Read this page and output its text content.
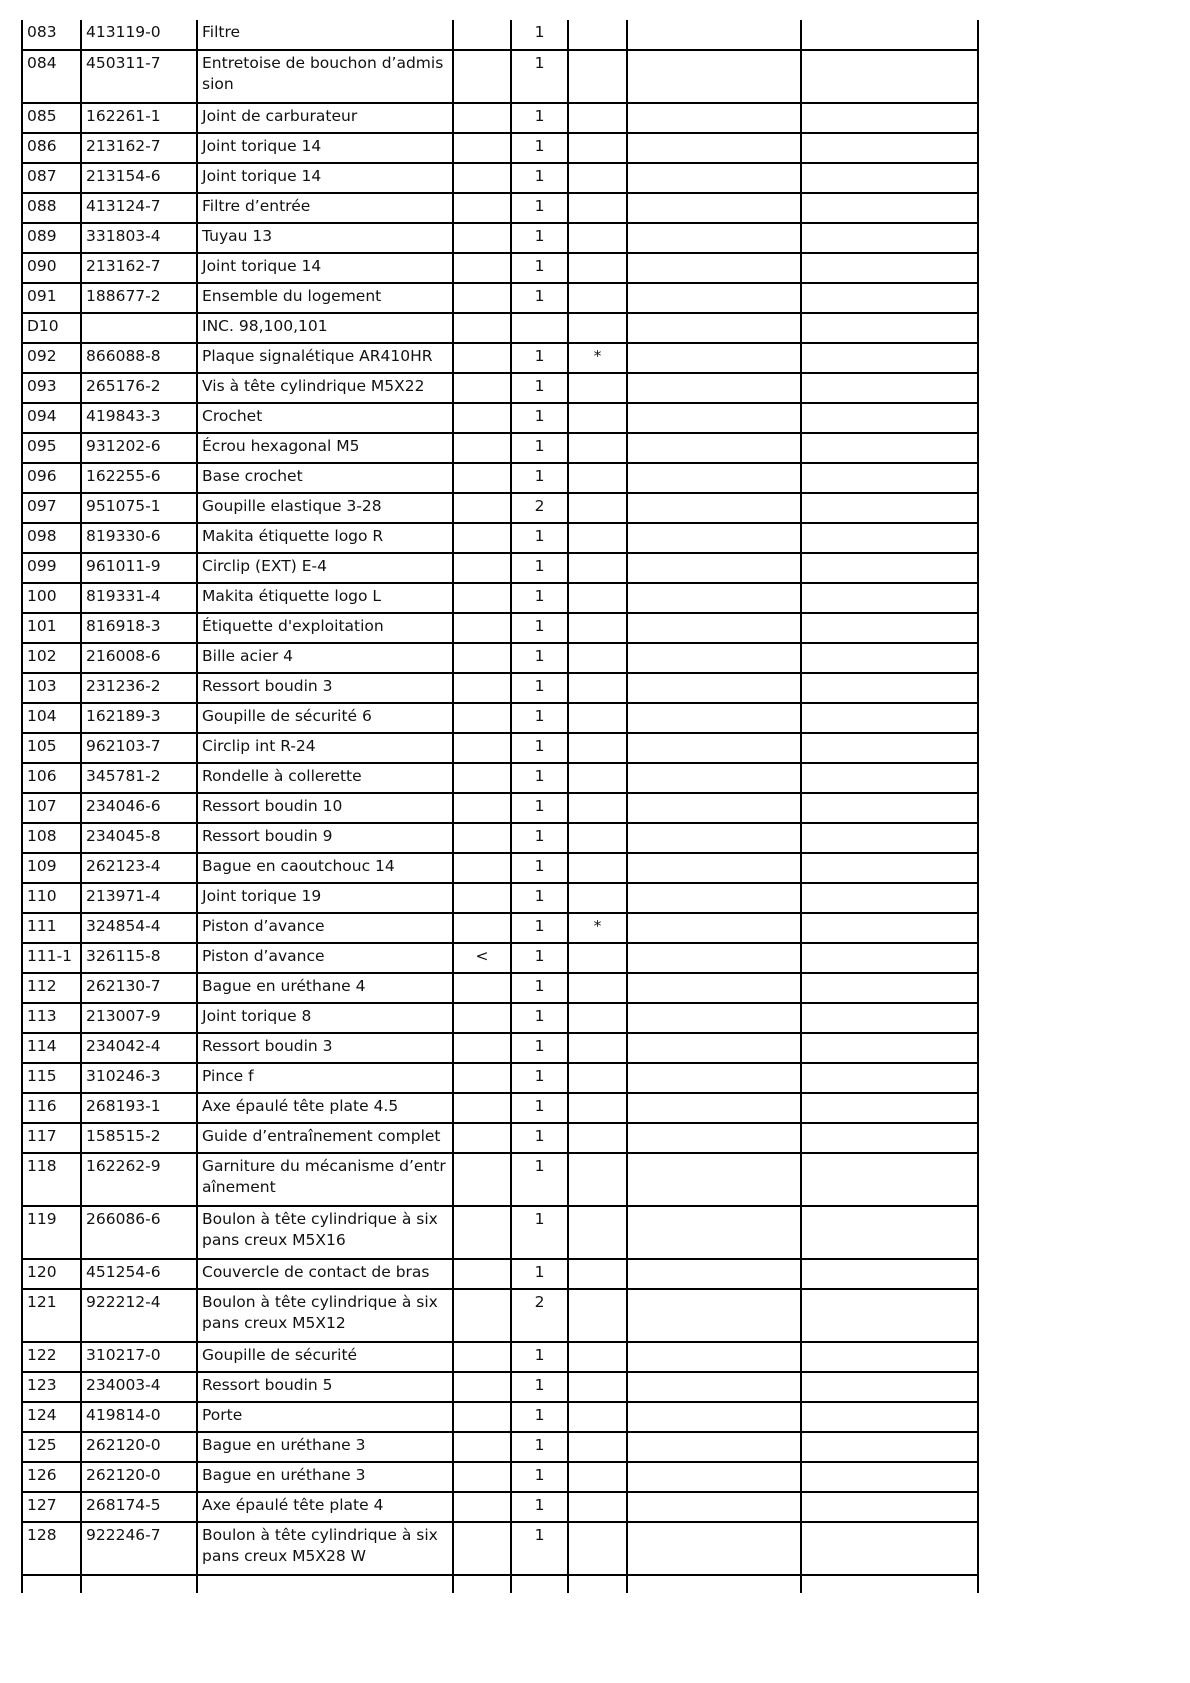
083	413119-0	Filtre		1			
084	450311-7	Entretoise de bouchon d’admission		1			
085	162261-1	Joint de carburateur		1			
086	213162-7	Joint torique 14		1			
087	213154-6	Joint torique 14		1			
088	413124-7	Filtre d’entrée		1			
089	331803-4	Tuyau 13		1			
090	213162-7	Joint torique 14		1			
091	188677-2	Ensemble du logement		1			
D10		INC. 98,100,101					
092	866088-8	Plaque signalétique AR410HR		1	*		
093	265176-2	Vis à tête cylindrique M5X22		1			
094	419843-3	Crochet		1			
095	931202-6	Écrou hexagonal M5		1			
096	162255-6	Base crochet		1			
097	951075-1	Goupille elastique 3-28		2			
098	819330-6	Makita étiquette logo R		1			
099	961011-9	Circlip (EXT) E-4		1			
100	819331-4	Makita étiquette logo L		1			
101	816918-3	Étiquette d'exploitation		1			
102	216008-6	Bille acier 4		1			
103	231236-2	Ressort boudin 3		1			
104	162189-3	Goupille de sécurité 6		1			
105	962103-7	Circlip int R-24		1			
106	345781-2	Rondelle à collerette		1			
107	234046-6	Ressort boudin 10		1			
108	234045-8	Ressort boudin 9		1			
109	262123-4	Bague en caoutchouc 14		1			
110	213971-4	Joint torique 19		1			
111	324854-4	Piston d’avance		1	*		
111-1	326115-8	Piston d’avance	<	1			
112	262130-7	Bague en uréthane 4		1			
113	213007-9	Joint torique 8		1			
114	234042-4	Ressort boudin 3		1			
115	310246-3	Pince f		1			
116	268193-1	Axe épaulé tête plate 4.5		1			
117	158515-2	Guide d’entraînement complet		1			
118	162262-9	Garniture du mécanisme d’entraînement		1			
119	266086-6	Boulon à tête cylindrique à six pans creux M5X16		1			
120	451254-6	Couvercle de contact de bras		1			
121	922212-4	Boulon à tête cylindrique à six pans creux M5X12		2			
122	310217-0	Goupille de sécurité		1			
123	234003-4	Ressort boudin 5		1			
124	419814-0	Porte		1			
125	262120-0	Bague en uréthane 3		1			
126	262120-0	Bague en uréthane 3		1			
127	268174-5	Axe épaulé tête plate 4		1			
128	922246-7	Boulon à tête cylindrique à six pans creux M5X28 W		1			
